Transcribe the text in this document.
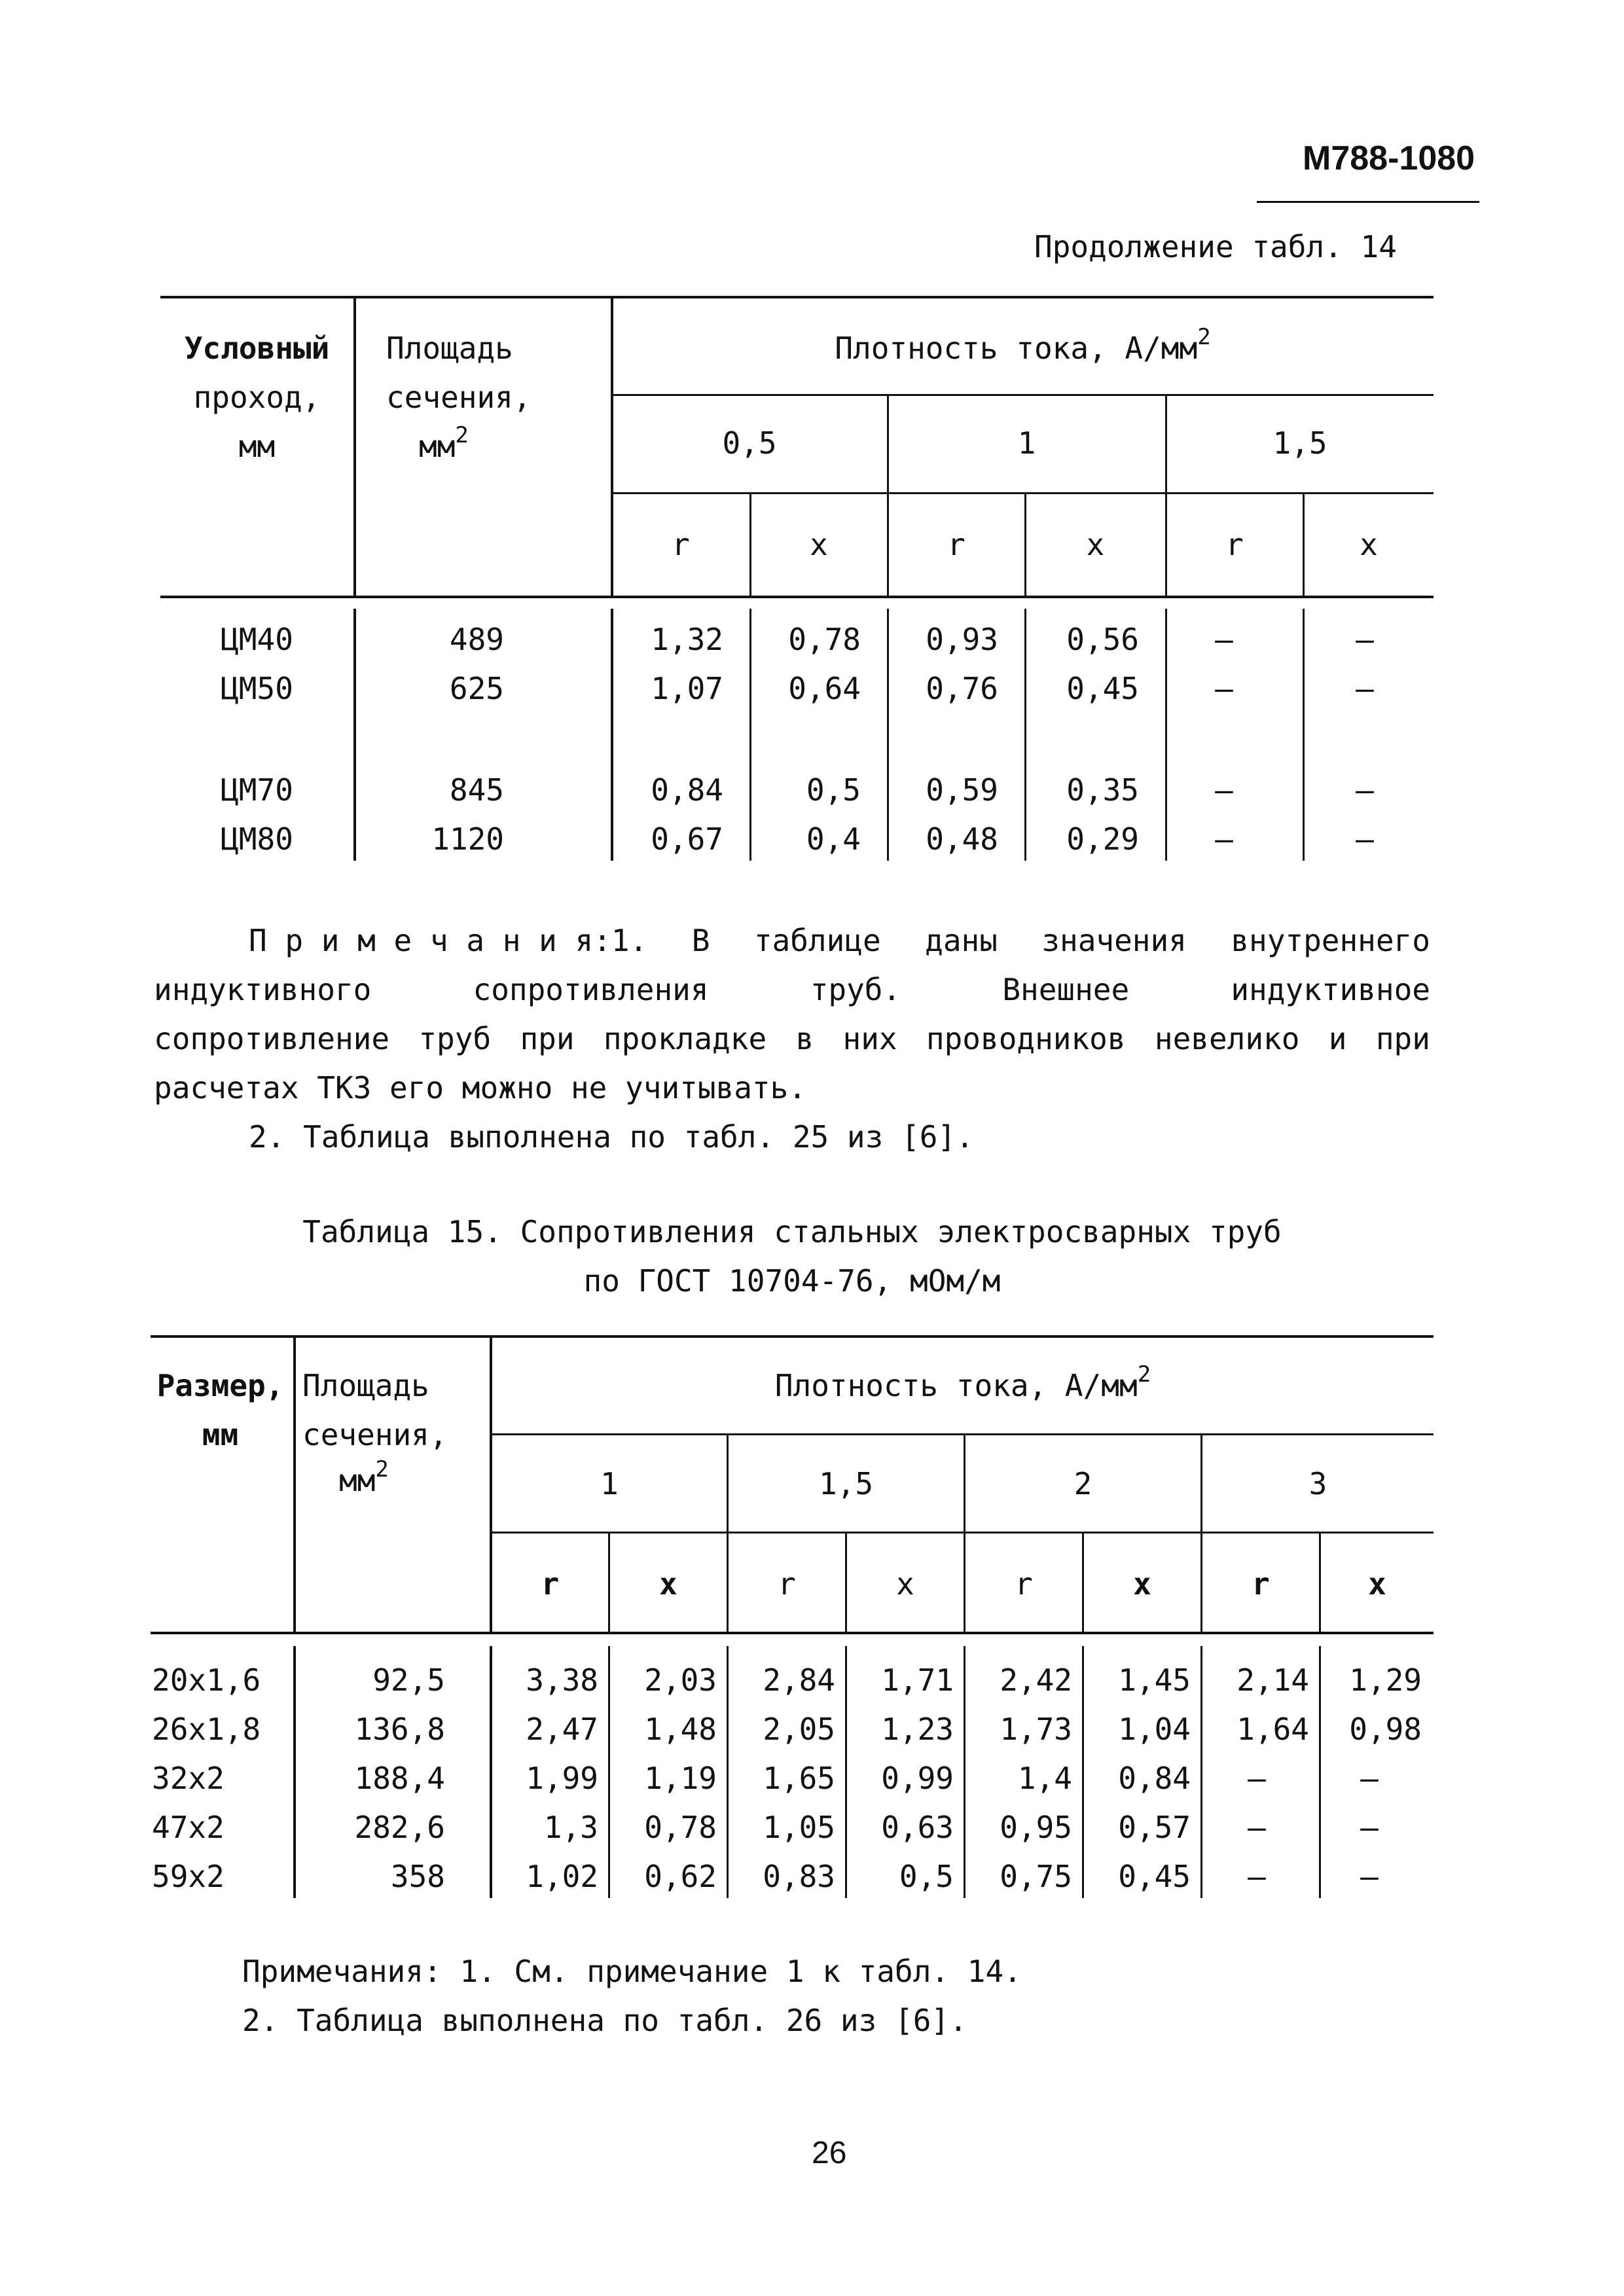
М788-1080
Продолжение табл. 14
Условный
проход,
мм
Площадь
сечения,
$мм^2$
Плотность тока, $А/мм^2$
0,5	1	1,5
r	x	r	x	r	x
ЦМ40	489	1,32	0,78	0,93	0,56	–	–
ЦМ50	625	1,07	0,64	0,76	0,45	–	–
ЦМ70	845	0,84	0,5	0,59	0,35	–	–
ЦМ80	1120	0,67	0,4	0,48	0,29	–	–
П р и м е ч а н и я:1. В таблице даны значения внутреннего
индуктивного	сопротивления	труб.	Внешнее	индуктивное
сопротивление труб при прокладке в них проводников невелико и при
расчетах ТКЗ его можно не учитывать.
2. Таблица выполнена по табл. 25 из [6].
Таблица 15. Сопротивления стальных электросварных труб
по ГОСТ 10704-76, мОм/м
Размер,
мм
Площадь
сечения,
$мм^2$
Плотность тока, $А/мм^2$
1	1,5	2	3
r	x	r	x	r	x	r	x
20х1,6	92,5	3,38	2,03	2,84	1,71	2,42	1,45	2,14	1,29
26х1,8	136,8	2,47	1,48	2,05	1,23	1,73	1,04	1,64	0,98
32х2	188,4	1,99	1,19	1,65	0,99	1,4	0,84	–	–
47х2	282,6	1,3	0,78	1,05	0,63	0,95	0,57	–	–
59х2	358	1,02	0,62	0,83	0,5	0,75	0,45	–	–
Примечания: 1. См. примечание 1 к табл. 14.
2. Таблица выполнена по табл. 26 из [6].
26
